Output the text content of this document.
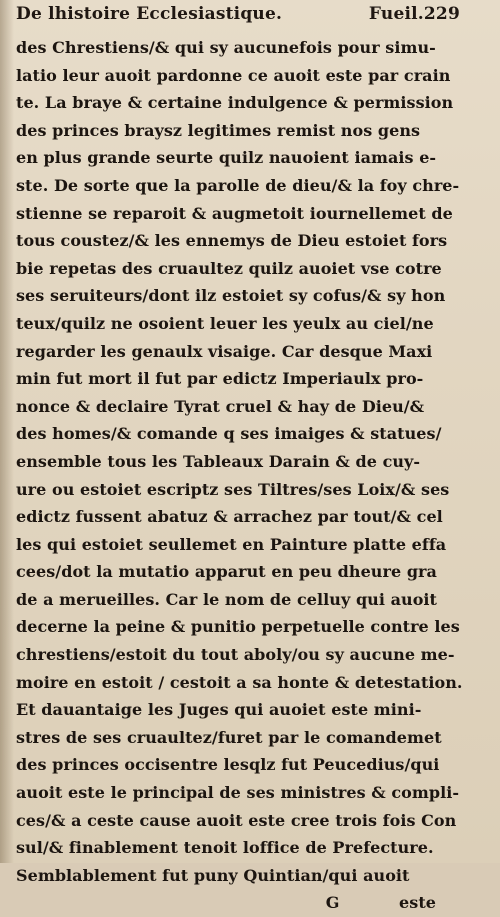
De lhistoire Ecclesiastique.	Fueil.229
des Chrestiens/& qui sy aucunefois pour simu-
latio leur auoit pardonne ce auoit este par crain
te. La braye & certaine indulgence & permission
des princes braysz legitimes remist nos gens
en plus grande seurte quilz nauoient iamais e-
ste. De sorte que la parolle de dieu/& la foy chre-
stienne se reparoit & augmetoit iournellemet de
tous coustez/& les ennemys de Dieu estoiet fors
bie repetas des cruaultez quilz auoiet vse cotre
ses seruiteurs/dont ilz estoiet sy cofus/& sy hon
teux/quilz ne osoient leuer les yeulx au ciel/ne
regarder les genaulx visaige. Car desque Maxi
min fut mort il fut par edictz Imperiaulx pro-
nonce & declaire Tyrat cruel & hay de Dieu/&
des homes/& comande q ses imaiges & statues/
ensemble tous les Tableaux Darain & de cuy-
ure ou estoiet escriptz ses Tiltres/ses Loix/& ses
edictz fussent abatuz & arrachez par tout/& cel
les qui estoiet seullemet en Painture platte effa
cees/dot la mutatio apparut en peu dheure gra
de a merueilles. Car le nom de celluy qui auoit
decerne la peine & punitio perpetuelle contre les
chrestiens/estoit du tout aboly/ou sy aucune me-
moire en estoit / cestoit a sa honte & detestation.
Et dauantaige les Juges qui auoiet este mini-
stres de ses cruaultez/furet par le comandemet
des princes occisentre lesqlz fut Peucedius/qui
auoit este le principal de ses ministres & compli-
ces/& a ceste cause auoit este cree trois fois Con
sul/& finablement tenoit loffice de Prefecture.
Semblablement fut puny Quintian/qui auoit
G	este
